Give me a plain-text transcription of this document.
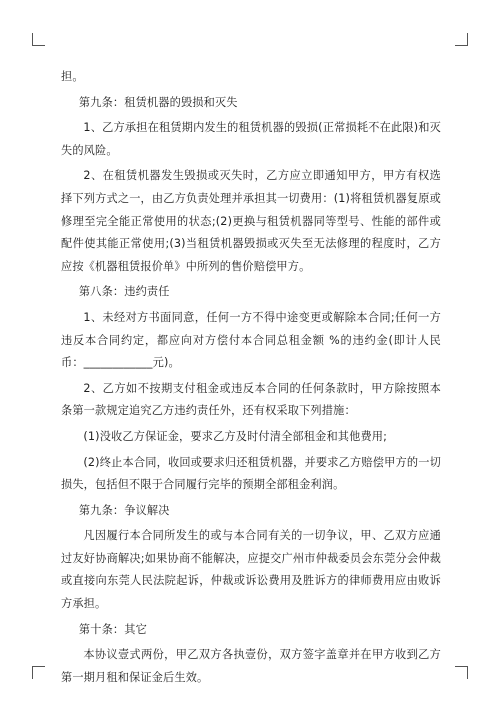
担。

第九条：租赁机器的毁损和灭失

1、乙方承担在租赁期内发生的租赁机器的毁损(正常损耗不在此限)和灭失的风险。

2、在租赁机器发生毁损或灭失时，乙方应立即通知甲方，甲方有权选择下列方式之一，由乙方负责处理并承担其一切费用：(1)将租赁机器复原或修理至完全能正常使用的状态;(2)更换与租赁机器同等型号、性能的部件或配件使其能正常使用;(3)当租赁机器毁损或灭失至无法修理的程度时，乙方应按《机器租赁报价单》中所列的售价赔偿甲方。

第八条：违约责任

1、未经对方书面同意，任何一方不得中途变更或解除本合同;任何一方违反本合同约定，都应向对方偿付本合同总租金额 %的违约金(即计人民币：____________元)。

2、乙方如不按期支付租金或违反本合同的任何条款时，甲方除按照本条第一款规定追究乙方违约责任外，还有权采取下列措施：

(1)没收乙方保证金，要求乙方及时付清全部租金和其他费用;

(2)终止本合同，收回或要求归还租赁机器，并要求乙方赔偿甲方的一切损失，包括但不限于合同履行完毕的预期全部租金利润。

第九条：争议解决

凡因履行本合同所发生的或与本合同有关的一切争议，甲、乙双方应通过友好协商解决;如果协商不能解决，应提交广州市仲裁委员会东莞分会仲裁或直接向东莞人民法院起诉，仲裁或诉讼费用及胜诉方的律师费用应由败诉方承担。

第十条：其它

本协议壹式两份，甲乙双方各执壹份，双方签字盖章并在甲方收到乙方第一期月租和保证金后生效。
